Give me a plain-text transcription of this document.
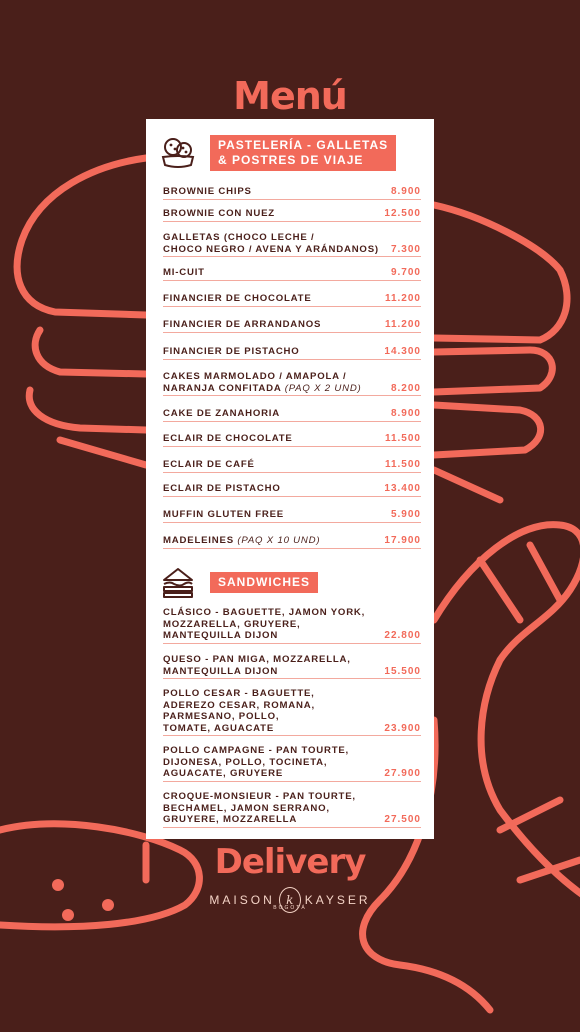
Menú
PASTELERÍA - GALLETAS
& POSTRES DE VIAJE
BROWNIE CHIPS	8.900
BROWNIE CON NUEZ	12.500
GALLETAS (CHOCO LECHE /
CHOCO NEGRO / AVENA Y ARÁNDANOS) 7.300
MI-CUIT	9.700
FINANCIER DE CHOCOLATE	11.200
FINANCIER DE ARRANDANOS	11.200
FINANCIER DE PISTACHO	14.300
CAKES MARMOLADO / AMAPOLA /
NARANJA CONFITADA (PAQ X 2 UND)	8.200
CAKE DE ZANAHORIA	8.900
ECLAIR DE CHOCOLATE	11.500
ECLAIR DE CAFÉ	11.500
ECLAIR DE PISTACHO	13.400
MUFFIN GLUTEN FREE	5.900
MADELEINES (PAQ X 10 UND)	17.900
SANDWICHES
CLÁSICO - BAGUETTE, JAMON YORK,
MOZZARELLA, GRUYERE,
MANTEQUILLA DIJON	22.800
QUESO - PAN MIGA, MOZZARELLA,
MANTEQUILLA DIJON	15.500
POLLO CESAR - BAGUETTE,
ADEREZO CESAR, ROMANA,
PARMESANO, POLLO,
TOMATE, AGUACATE	23.900
POLLO CAMPAGNE - PAN TOURTE,
DIJONESA, POLLO, TOCINETA,
AGUACATE, GRUYERE	27.900
CROQUE-MONSIEUR - PAN TOURTE,
BECHAMEL, JAMON SERRANO,
GRUYERE, MOZZARELLA	27.500
Delivery
MAISON k KAYSER
BOGOTÁ
